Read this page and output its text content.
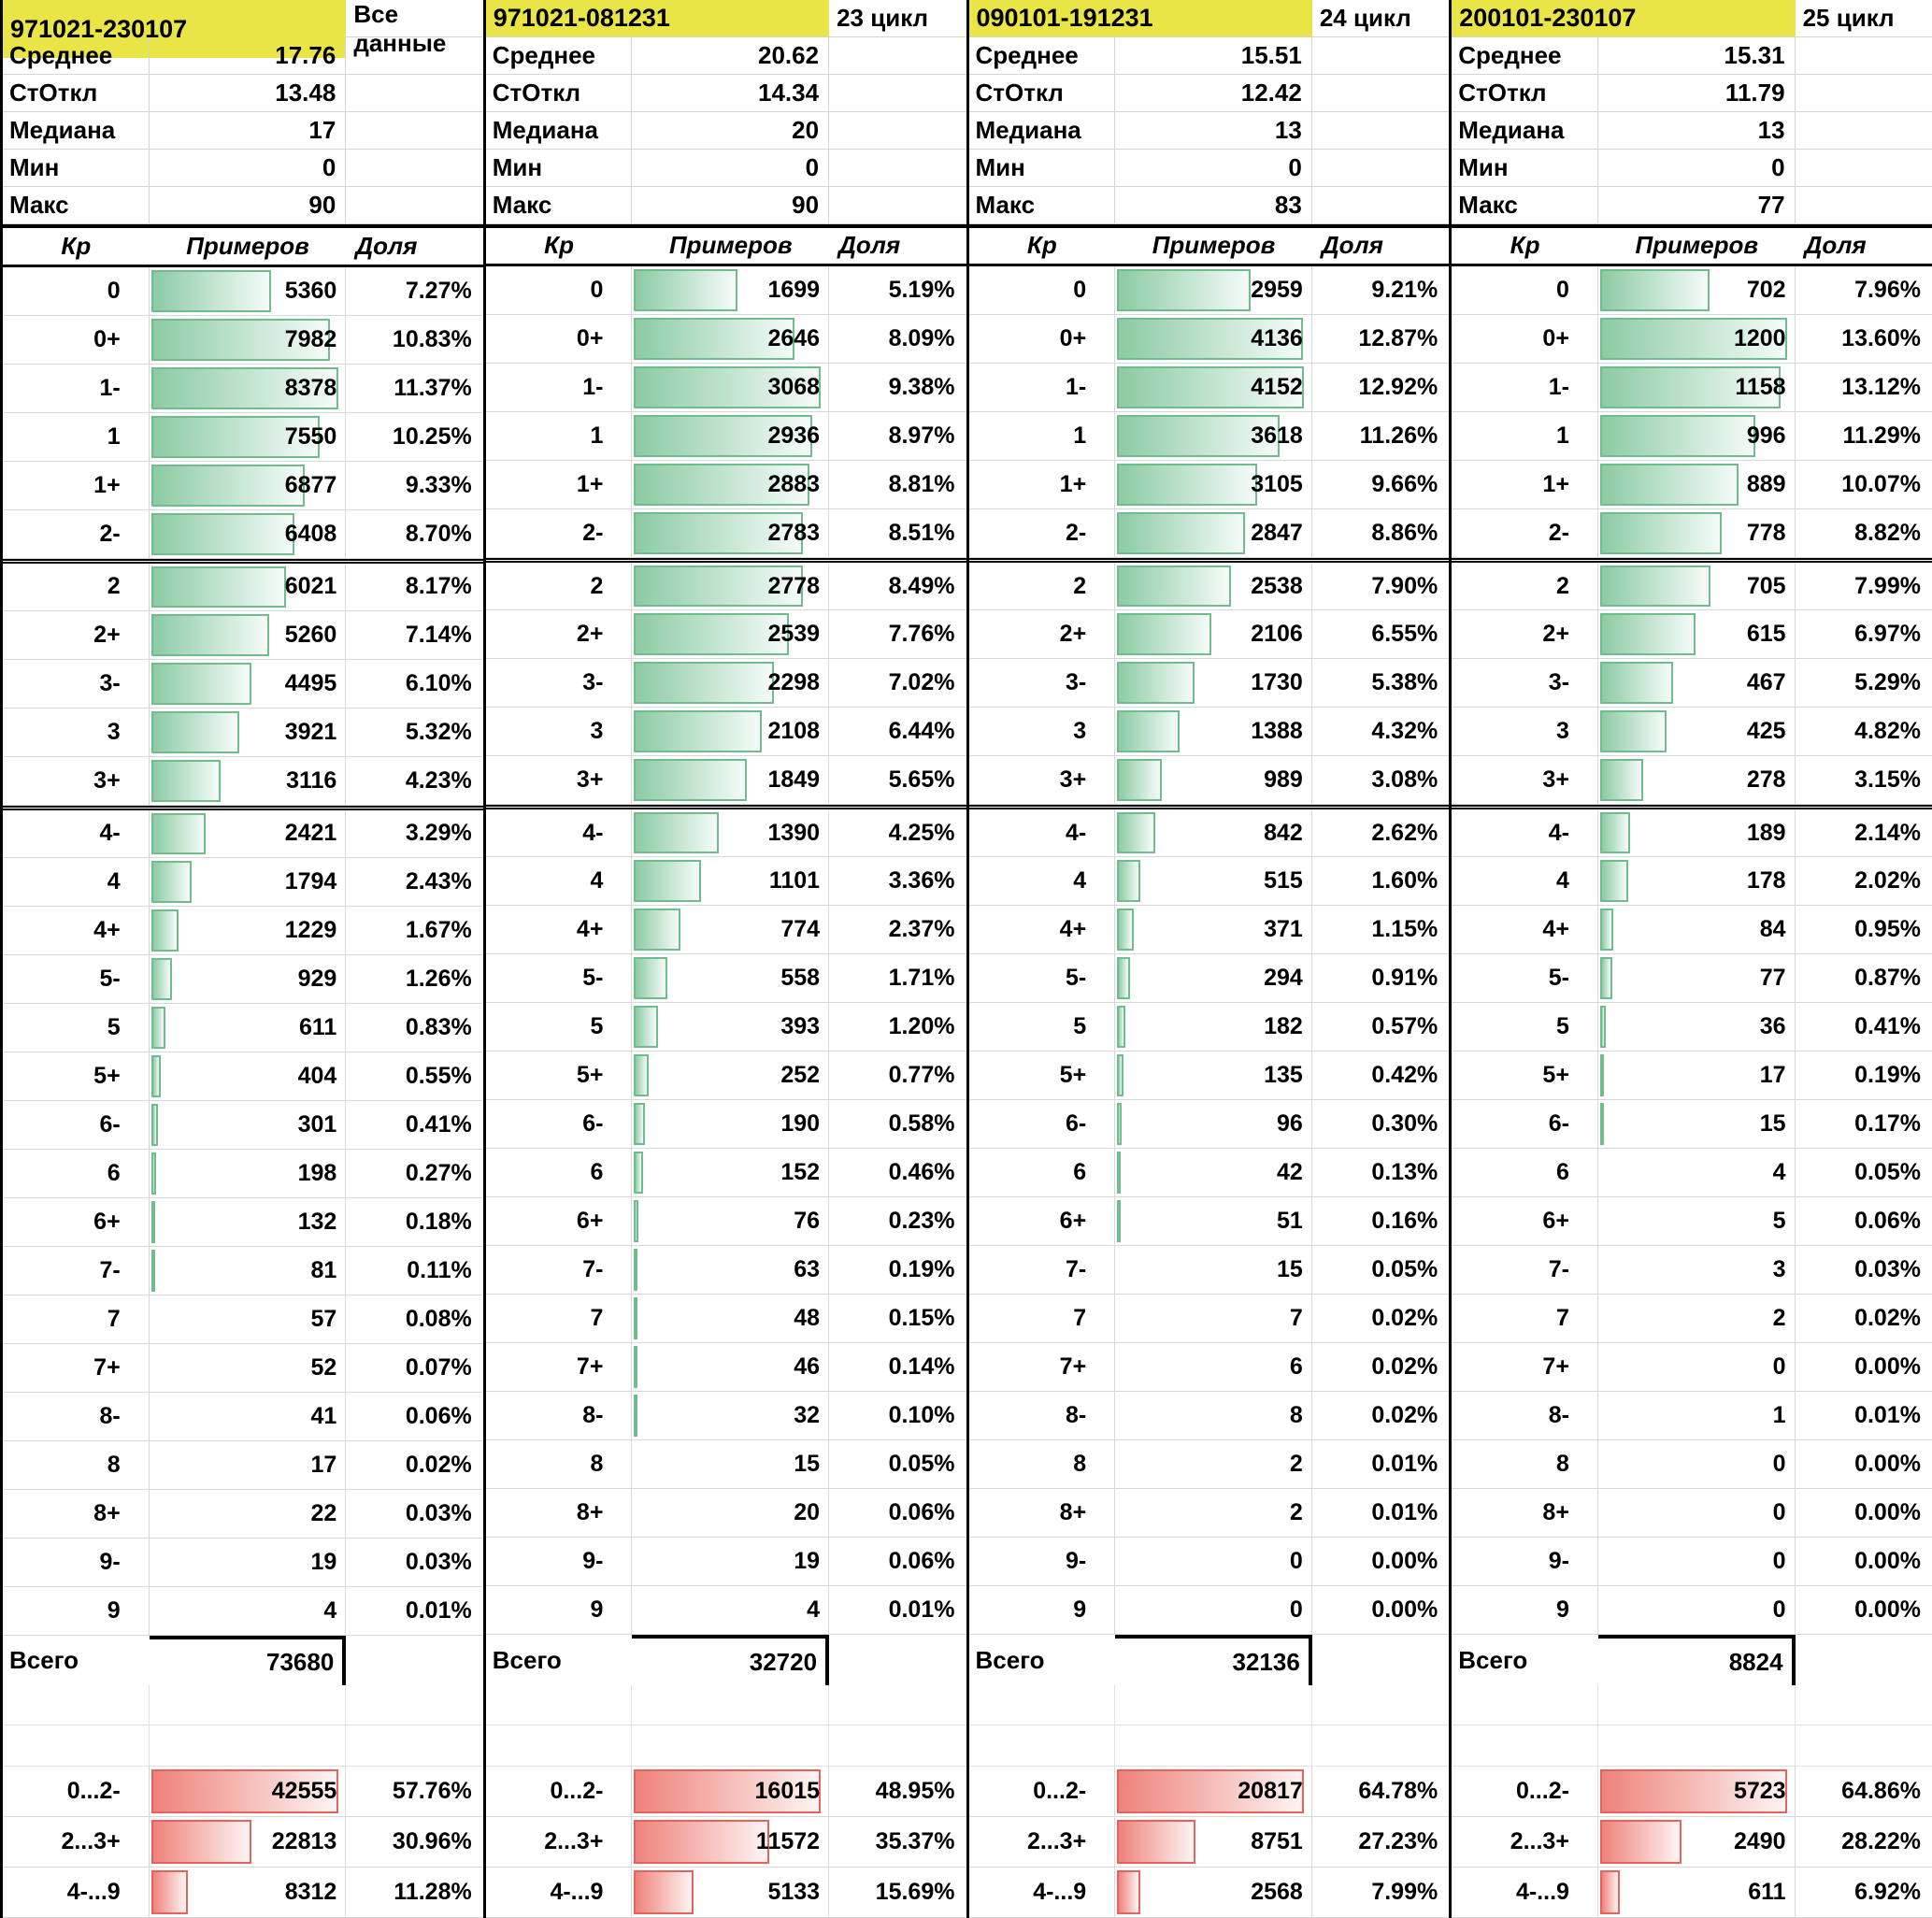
971021-230107
Все данные
Среднее	17.76
СтОткл	13.48
Медиана	17
Мин	0
Макс	90
Кр	Примеров	Доля
0	5360	7.27%
0+	7982	10.83%
1-	8378	11.37%
1	7550	10.25%
1+	6877	9.33%
2-	6408	8.70%
2	6021	8.17%
2+	5260	7.14%
3-	4495	6.10%
3	3921	5.32%
3+	3116	4.23%
4-	2421	3.29%
4	1794	2.43%
4+	1229	1.67%
5-	929	1.26%
5	611	0.83%
5+	404	0.55%
6-	301	0.41%
6	198	0.27%
6+	132	0.18%
7-	81	0.11%
7	57	0.08%
7+	52	0.07%
8-	41	0.06%
8	17	0.02%
8+	22	0.03%
9-	19	0.03%
9	4	0.01%
Всего	73680
0...2-	42555	57.76%
2...3+	22813	30.96%
4-...9	8312	11.28%
971021-081231	23 цикл
Среднее	20.62
СтОткл	14.34
Медиана	20
Мин	0
Макс	90
Кр	Примеров	Доля
0	1699	5.19%
0+	2646	8.09%
1-	3068	9.38%
1	2936	8.97%
1+	2883	8.81%
2-	2783	8.51%
2	2778	8.49%
2+	2539	7.76%
3-	2298	7.02%
3	2108	6.44%
3+	1849	5.65%
4-	1390	4.25%
4	1101	3.36%
4+	774	2.37%
5-	558	1.71%
5	393	1.20%
5+	252	0.77%
6-	190	0.58%
6	152	0.46%
6+	76	0.23%
7-	63	0.19%
7	48	0.15%
7+	46	0.14%
8-	32	0.10%
8	15	0.05%
8+	20	0.06%
9-	19	0.06%
9	4	0.01%
Всего	32720
0...2-	16015	48.95%
2...3+	11572	35.37%
4-...9	5133	15.69%
090101-191231	24 цикл
Среднее	15.51
СтОткл	12.42
Медиана	13
Мин	0
Макс	83
Кр	Примеров	Доля
0	2959	9.21%
0+	4136	12.87%
1-	4152	12.92%
1	3618	11.26%
1+	3105	9.66%
2-	2847	8.86%
2	2538	7.90%
2+	2106	6.55%
3-	1730	5.38%
3	1388	4.32%
3+	989	3.08%
4-	842	2.62%
4	515	1.60%
4+	371	1.15%
5-	294	0.91%
5	182	0.57%
5+	135	0.42%
6-	96	0.30%
6	42	0.13%
6+	51	0.16%
7-	15	0.05%
7	7	0.02%
7+	6	0.02%
8-	8	0.02%
8	2	0.01%
8+	2	0.01%
9-	0	0.00%
9	0	0.00%
Всего	32136
0...2-	20817	64.78%
2...3+	8751	27.23%
4-...9	2568	7.99%
200101-230107	25 цикл
Среднее	15.31
СтОткл	11.79
Медиана	13
Мин	0
Макс	77
Кр	Примеров	Доля
0	702	7.96%
0+	1200	13.60%
1-	1158	13.12%
1	996	11.29%
1+	889	10.07%
2-	778	8.82%
2	705	7.99%
2+	615	6.97%
3-	467	5.29%
3	425	4.82%
3+	278	3.15%
4-	189	2.14%
4	178	2.02%
4+	84	0.95%
5-	77	0.87%
5	36	0.41%
5+	17	0.19%
6-	15	0.17%
6	4	0.05%
6+	5	0.06%
7-	3	0.03%
7	2	0.02%
7+	0	0.00%
8-	1	0.01%
8	0	0.00%
8+	0	0.00%
9-	0	0.00%
9	0	0.00%
Всего	8824
0...2-	5723	64.86%
2...3+	2490	28.22%
4-...9	611	6.92%
